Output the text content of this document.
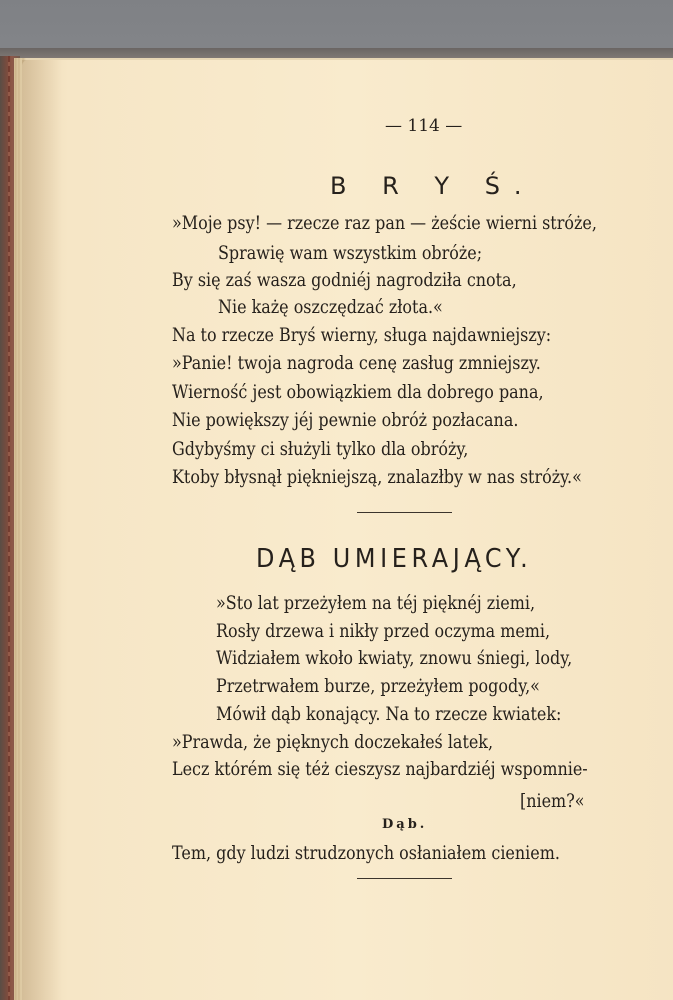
— 114 —
B R Y Ś.
»Moje psy! — rzecze raz pan — żeście wierni stróże,
Sprawię wam wszystkim obróże;
By się zaś wasza godniéj nagrodziła cnota,
Nie każę oszczędzać złota.«
Na to rzecze Bryś wierny, sługa najdawniejszy:
»Panie! twoja nagroda cenę zasług zmniejszy.
Wierność jest obowiązkiem dla dobrego pana,
Nie powiększy jéj pewnie obróż pozłacana.
Gdybyśmy ci służyli tylko dla obróży,
Ktoby błysnął piękniejszą, znalazłby w nas stróży.«
DĄB UMIERAJĄCY.
»Sto lat przeżyłem na téj pięknéj ziemi,
Rosły drzewa i nikły przed oczyma memi,
Widziałem wkoło kwiaty, znowu śniegi, lody,
Przetrwałem burze, przeżyłem pogody,«
Mówił dąb konający. Na to rzecze kwiatek:
»Prawda, że pięknych doczekałeś latek,
Lecz którém się téż cieszysz najbardziéj wspomnie-
[niem?«
Dąb.
Tem, gdy ludzi strudzonych osłaniałem cieniem.
